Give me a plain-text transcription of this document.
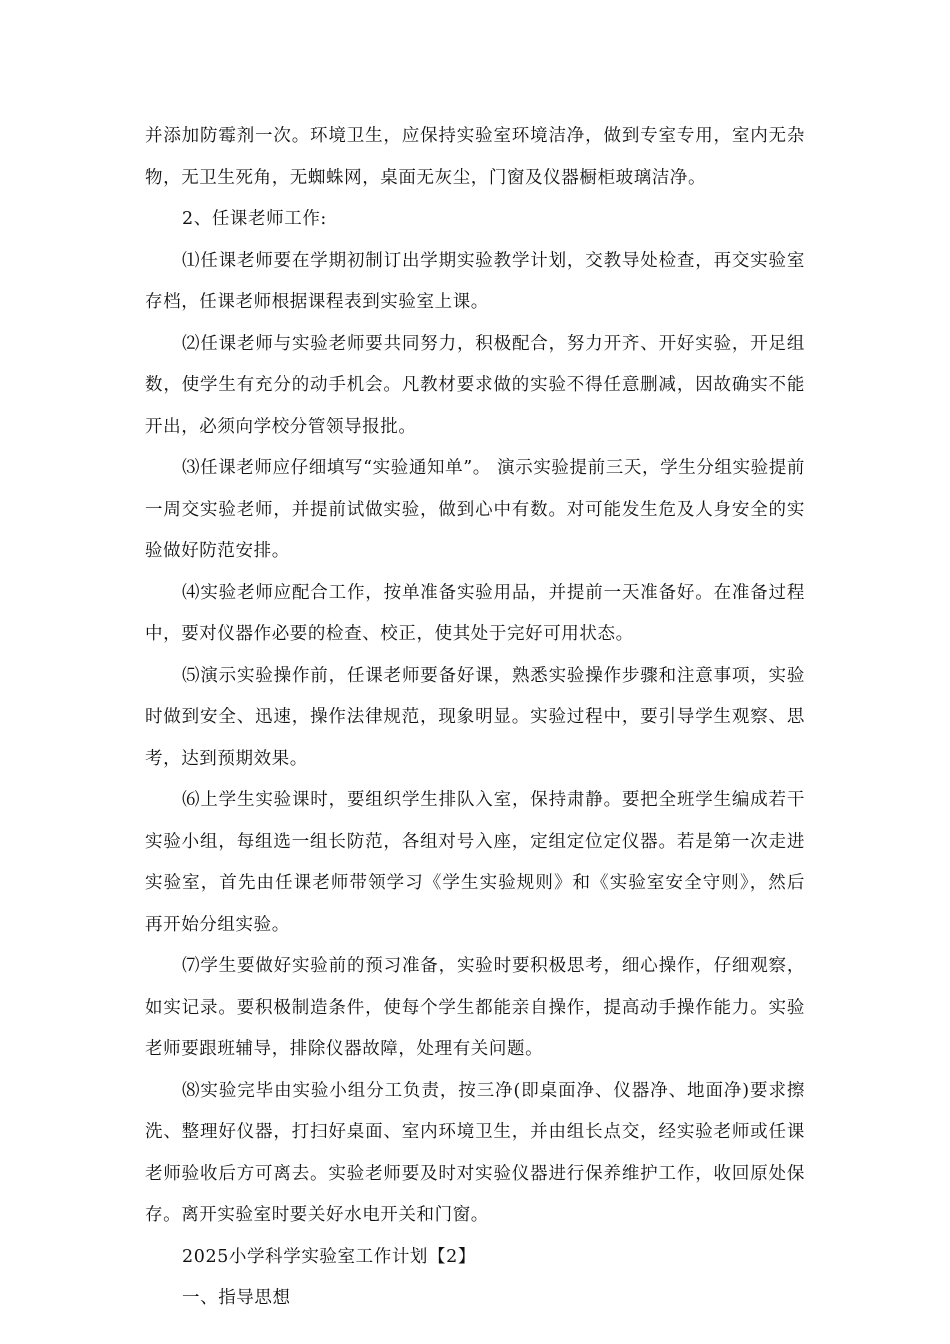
并添加防霉剂一次。环境卫生，应保持实验室环境洁净，做到专室专用，室内无杂物，无卫生死角，无蜘蛛网，桌面无灰尘，门窗及仪器橱柜玻璃洁净。

2、任课老师工作:

⑴任课老师要在学期初制订出学期实验教学计划，交教导处检查，再交实验室存档，任课老师根据课程表到实验室上课。

⑵任课老师与实验老师要共同努力，积极配合，努力开齐、开好实验，开足组数，使学生有充分的动手机会。凡教材要求做的实验不得任意删减，因故确实不能开出，必须向学校分管领导报批。

⑶任课老师应仔细填写“实验通知单”。 演示实验提前三天，学生分组实验提前一周交实验老师，并提前试做实验，做到心中有数。对可能发生危及人身安全的实验做好防范安排。

⑷实验老师应配合工作，按单准备实验用品，并提前一天准备好。在准备过程中，要对仪器作必要的检查、校正，使其处于完好可用状态。

⑸演示实验操作前，任课老师要备好课，熟悉实验操作步骤和注意事项，实验时做到安全、迅速，操作法律规范，现象明显。实验过程中，要引导学生观察、思考，达到预期效果。

⑹上学生实验课时，要组织学生排队入室，保持肃静。要把全班学生编成若干实验小组，每组选一组长防范，各组对号入座，定组定位定仪器。若是第一次走进实验室，首先由任课老师带领学习《学生实验规则》和《实验室安全守则》，然后再开始分组实验。

⑺学生要做好实验前的预习准备，实验时要积极思考，细心操作，仔细观察，如实记录。要积极制造条件，使每个学生都能亲自操作，提高动手操作能力。实验老师要跟班辅导，排除仪器故障，处理有关问题。

⑻实验完毕由实验小组分工负责，按三净(即桌面净、仪器净、地面净)要求擦洗、整理好仪器，打扫好桌面、室内环境卫生，并由组长点交，经实验老师或任课老师验收后方可离去。实验老师要及时对实验仪器进行保养维护工作，收回原处保存。离开实验室时要关好水电开关和门窗。

2025小学科学实验室工作计划【2】

一、指导思想
